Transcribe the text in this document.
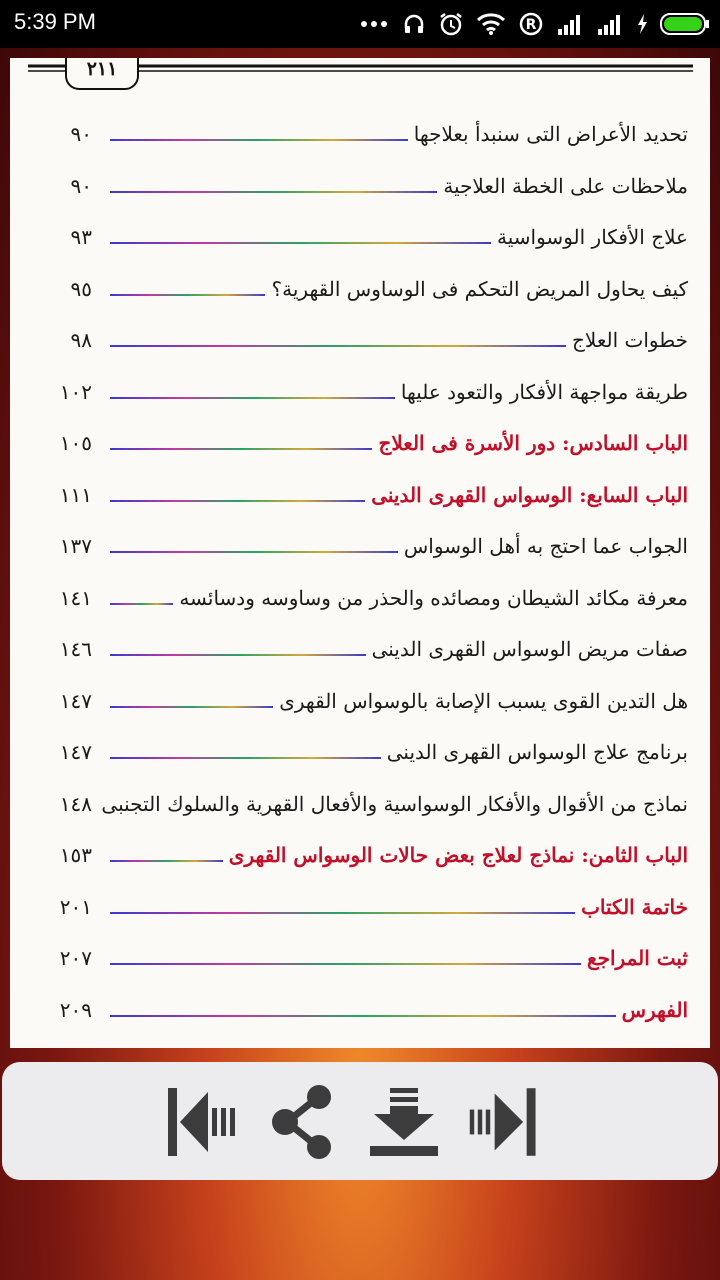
5:39 PM	R
٢١١
تحديد الأعراض التى سنبدأ بعلاجها
٩٠
ملاحظات على الخطة العلاجية
٩٠
علاج الأفكار الوسواسية
٩٣
كيف يحاول المريض التحكم فى الوساوس القهرية؟
٩٥
خطوات العلاج
٩٨
طريقة مواجهة الأفكار والتعود عليها
١٠٢
الباب السادس: دور الأسرة فى العلاج
١٠٥
الباب السابع: الوسواس القهرى الدينى
١١١
الجواب عما احتج به أهل الوسواس
١٣٧
معرفة مكائد الشيطان ومصائده والحذر من وساوسه ودسائسه
١٤١
صفات مريض الوسواس القهرى الدينى
١٤٦
هل التدين القوى يسبب الإصابة بالوسواس القهرى
١٤٧
برنامج علاج الوسواس القهرى الدينى
١٤٧
نماذج من الأقوال والأفكار الوسواسية والأفعال القهرية والسلوك التجنبى
١٤٨
الباب الثامن: نماذج لعلاج بعض حالات الوسواس القهرى
١٥٣
خاتمة الكتاب
٢٠١
ثبت المراجع
٢٠٧
الفهرس
٢٠٩
